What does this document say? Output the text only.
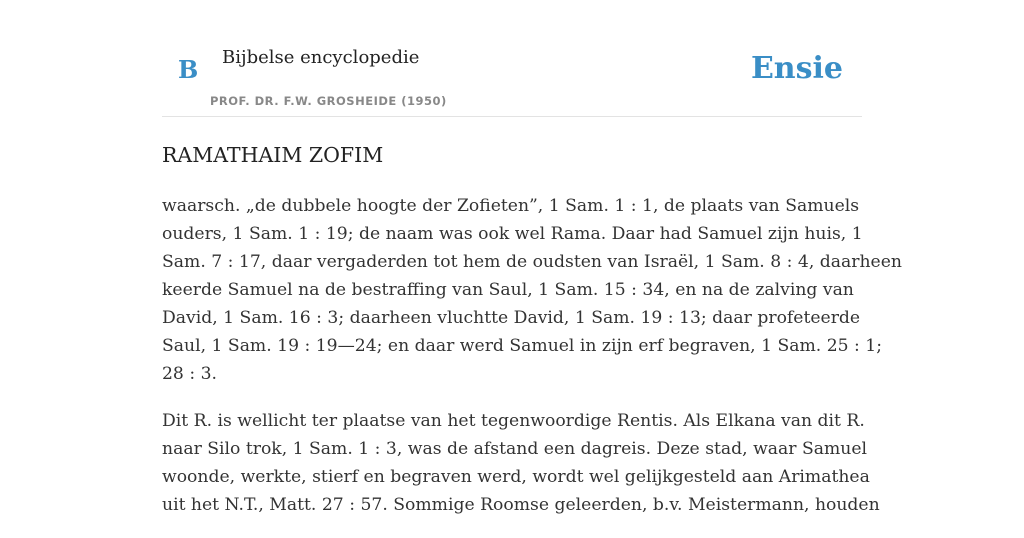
B Bijbelse encyclopedie
PROF. DR. F.W. GROSHEIDE (1950)
Ensie
RAMATHAIM ZOFIM

waarsch. „de dubbele hoogte der Zofieten”, 1 Sam. 1 : 1, de plaats van Samuels
ouders, 1 Sam. 1 : 19; de naam was ook wel Rama. Daar had Samuel zijn huis, 1
Sam. 7 : 17, daar vergaderden tot hem de oudsten van Israël, 1 Sam. 8 : 4, daarheen
keerde Samuel na de bestraffing van Saul, 1 Sam. 15 : 34, en na de zalving van
David, 1 Sam. 16 : 3; daarheen vluchtte David, 1 Sam. 19 : 13; daar profeteerde
Saul, 1 Sam. 19 : 19—24; en daar werd Samuel in zijn erf begraven, 1 Sam. 25 : 1;
28 : 3.

Dit R. is wellicht ter plaatse van het tegenwoordige Rentis. Als Elkana van dit R.
naar Silo trok, 1 Sam. 1 : 3, was de afstand een dagreis. Deze stad, waar Samuel
woonde, werkte, stierf en begraven werd, wordt wel gelijkgesteld aan Arimathea
uit het N.T., Matt. 27 : 57. Sommige Roomse geleerden, b.v. Meistermann, houden
